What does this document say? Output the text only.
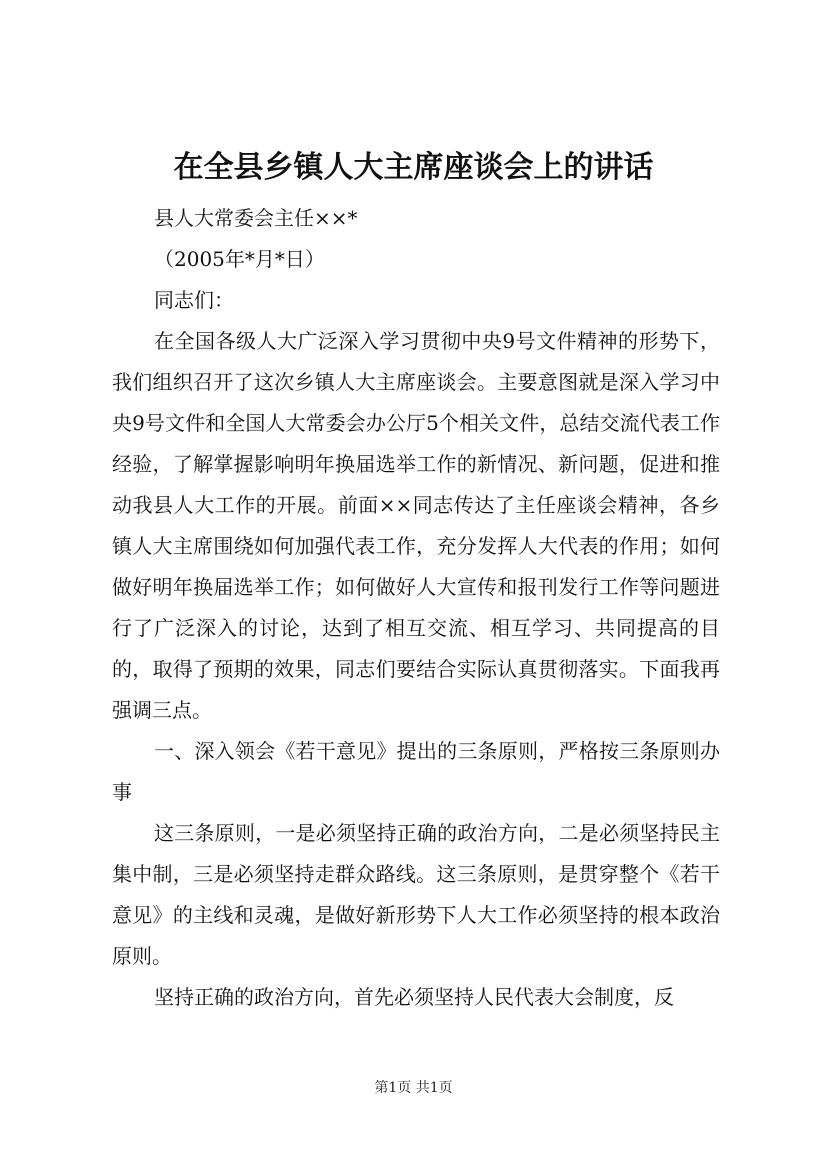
在全县乡镇人大主席座谈会上的讲话

县人大常委会主任××*

（2005年*月*日）

同志们：

在全国各级人大广泛深入学习贯彻中央9号文件精神的形势下，我们组织召开了这次乡镇人大主席座谈会。主要意图就是深入学习中央9号文件和全国人大常委会办公厅5个相关文件，总结交流代表工作经验，了解掌握影响明年换届选举工作的新情况、新问题，促进和推动我县人大工作的开展。前面××同志传达了主任座谈会精神，各乡镇人大主席围绕如何加强代表工作，充分发挥人大代表的作用；如何做好明年换届选举工作；如何做好人大宣传和报刊发行工作等问题进行了广泛深入的讨论，达到了相互交流、相互学习、共同提高的目的，取得了预期的效果，同志们要结合实际认真贯彻落实。下面我再强调三点。

一、深入领会《若干意见》提出的三条原则，严格按三条原则办事

这三条原则，一是必须坚持正确的政治方向，二是必须坚持民主集中制，三是必须坚持走群众路线。这三条原则，是贯穿整个《若干意见》的主线和灵魂，是做好新形势下人大工作必须坚持的根本政治原则。

坚持正确的政治方向，首先必须坚持人民代表大会制度，反

第1页 共1页
